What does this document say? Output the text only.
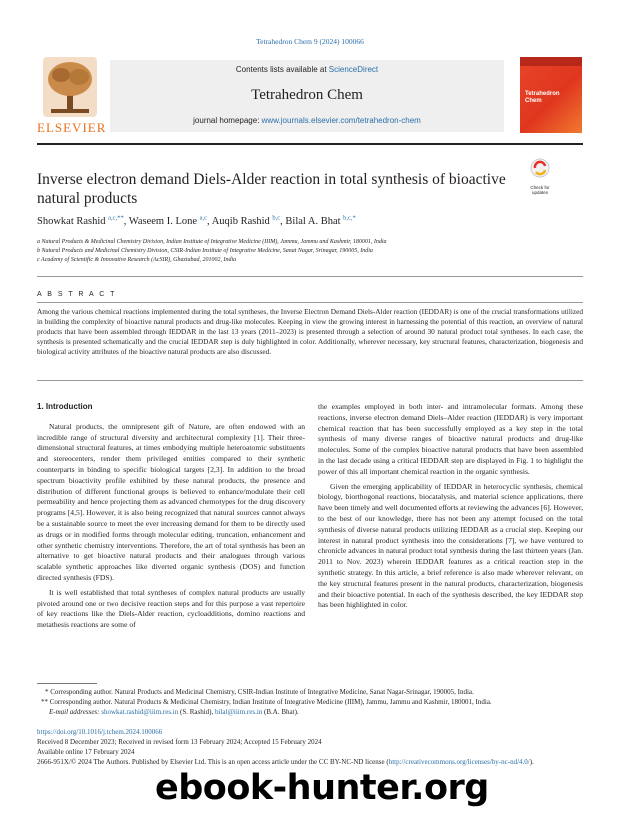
Tetrahedron Chem 9 (2024) 100066
ELSEVIER
Contents lists available at ScienceDirect
Tetrahedron Chem
journal homepage: www.journals.elsevier.com/tetrahedron-chem
Tetrahedron
Chem
Check for
updates
Inverse electron demand Diels-Alder reaction in total synthesis of bioactive natural products
Showkat Rashid $^{a,c,**}$, Waseem I. Lone $^{a,c}$, Auqib Rashid $^{b,c}$, Bilal A. Bhat $^{b,c,*}$
a Natural Products & Medicinal Chemistry Division, Indian Institute of Integrative Medicine (IIIM), Jammu, Jammu and Kashmir, 180001, India
b Natural Products and Medicinal Chemistry Division, CSIR-Indian Institute of Integrative Medicine, Sanat Nagar, Srinagar, 190005, India
c Academy of Scientific & Innovative Research (AcSIR), Ghaziabad, 201002, India
A B S T R A C T
Among the various chemical reactions implemented during the total syntheses, the Inverse Electron Demand Diels-Alder reaction (IEDDAR) is one of the crucial transformations utilized in building the complexity of bioactive natural products and drug-like molecules. Keeping in view the growing interest in harnessing the potential of this reaction, an overview of natural products that have been assembled through IEDDAR in the last 13 years (2011–2023) is presented through a selection of around 30 natural product total syntheses. In each case, the synthesis is presented schematically and the crucial IEDDAR step is duly highlighted in color. Additionally, wherever necessary, key structural features, characterization, biogenesis and biological activity attributes of the bioactive natural products are also discussed.

1. Introduction

Natural products, the omnipresent gift of Nature, are often endowed with an incredible range of structural diversity and architectural complexity [1]. Their three-dimensional structural features, at times embodying multiple heteroatomic substituents and stereocenters, render them privileged entities compared to their synthetic counterparts in binding to specific biological targets [2,3]. In addition to the broad spectrum bioactivity profile exhibited by these natural products, the presence and distribution of different functional groups is believed to enhance/modulate their cell permeability and hence projecting them as advanced chemotypes for the drug discovery programs [4,5]. However, it is also being recognized that natural sources cannot always be a sustainable source to meet the ever increasing demand for them to be directly used as drugs or in modified forms through molecular editing, truncation, enhancement and other synthetic chemistry interventions. Therefore, the art of total synthesis has been an alternative to get bioactive natural products and their analogues through various scalable synthetic approaches like diverted organic synthesis (DOS) and function directed synthesis (FDS).

It is well established that total syntheses of complex natural products are usually pivoted around one or two decisive reaction steps and for this purpose a vast repertoire of key reactions like the Diels-Alder reaction, cycloadditions, domino reactions and metathesis reactions are some of

the examples employed in both inter- and intramolecular formats. Among these reactions, inverse electron demand Diels–Alder reaction (IEDDAR) is very important chemical reaction that has been successfully employed as a key step in the total synthesis of many diverse ranges of bioactive natural products and drug-like molecules. Some of the complex bioactive natural products that have been assembled in the last decade using a critical IEDDAR step are displayed in Fig. 1 to highlight the power of this all important chemical reaction in the organic synthesis.

Given the emerging applicability of IEDDAR in heterocyclic synthesis, chemical biology, biorthogonal reactions, biocatalysis, and material science applications, there have been timely and well documented efforts at reviewing the advances [6]. However, to the best of our knowledge, there has not been any attempt focused on the total synthesis of diverse natural products utilizing IEDDAR as a crucial step. Keeping our interest in natural product synthesis into the considerations [7], we have ventured to chronicle advances in natural product total synthesis during the last thirteen years (Jan. 2011 to Nov. 2023) wherein IEDDAR features as a critical reaction step in the synthetic strategy. In this article, a brief reference is also made wherever relevant, on the key structural features present in the natural products, characterization, biogenesis and their bioactive potential. In each of the synthesis described, the key IEDDAR step has been highlighted in color.

* Corresponding author. Natural Products and Medicinal Chemistry, CSIR-Indian Institute of Integrative Medicine, Sanat Nagar-Srinagar, 190005, India.
** Corresponding author. Natural Products & Medicinal Chemistry, Indian Institute of Integrative Medicine (IIIM), Jammu, Jammu and Kashmir, 180001, India.
E-mail addresses: showkat.rashid@iiim.res.in (S. Rashid), bilal@iiim.res.in (B.A. Bhat).
https://doi.org/10.1016/j.tchem.2024.100066
Received 8 December 2023; Received in revised form 13 February 2024; Accepted 15 February 2024
Available online 17 February 2024
2666-951X/© 2024 The Authors. Published by Elsevier Ltd. This is an open access article under the CC BY-NC-ND license (http://creativecommons.org/licenses/by-nc-nd/4.0/).
ebook-hunter.org
